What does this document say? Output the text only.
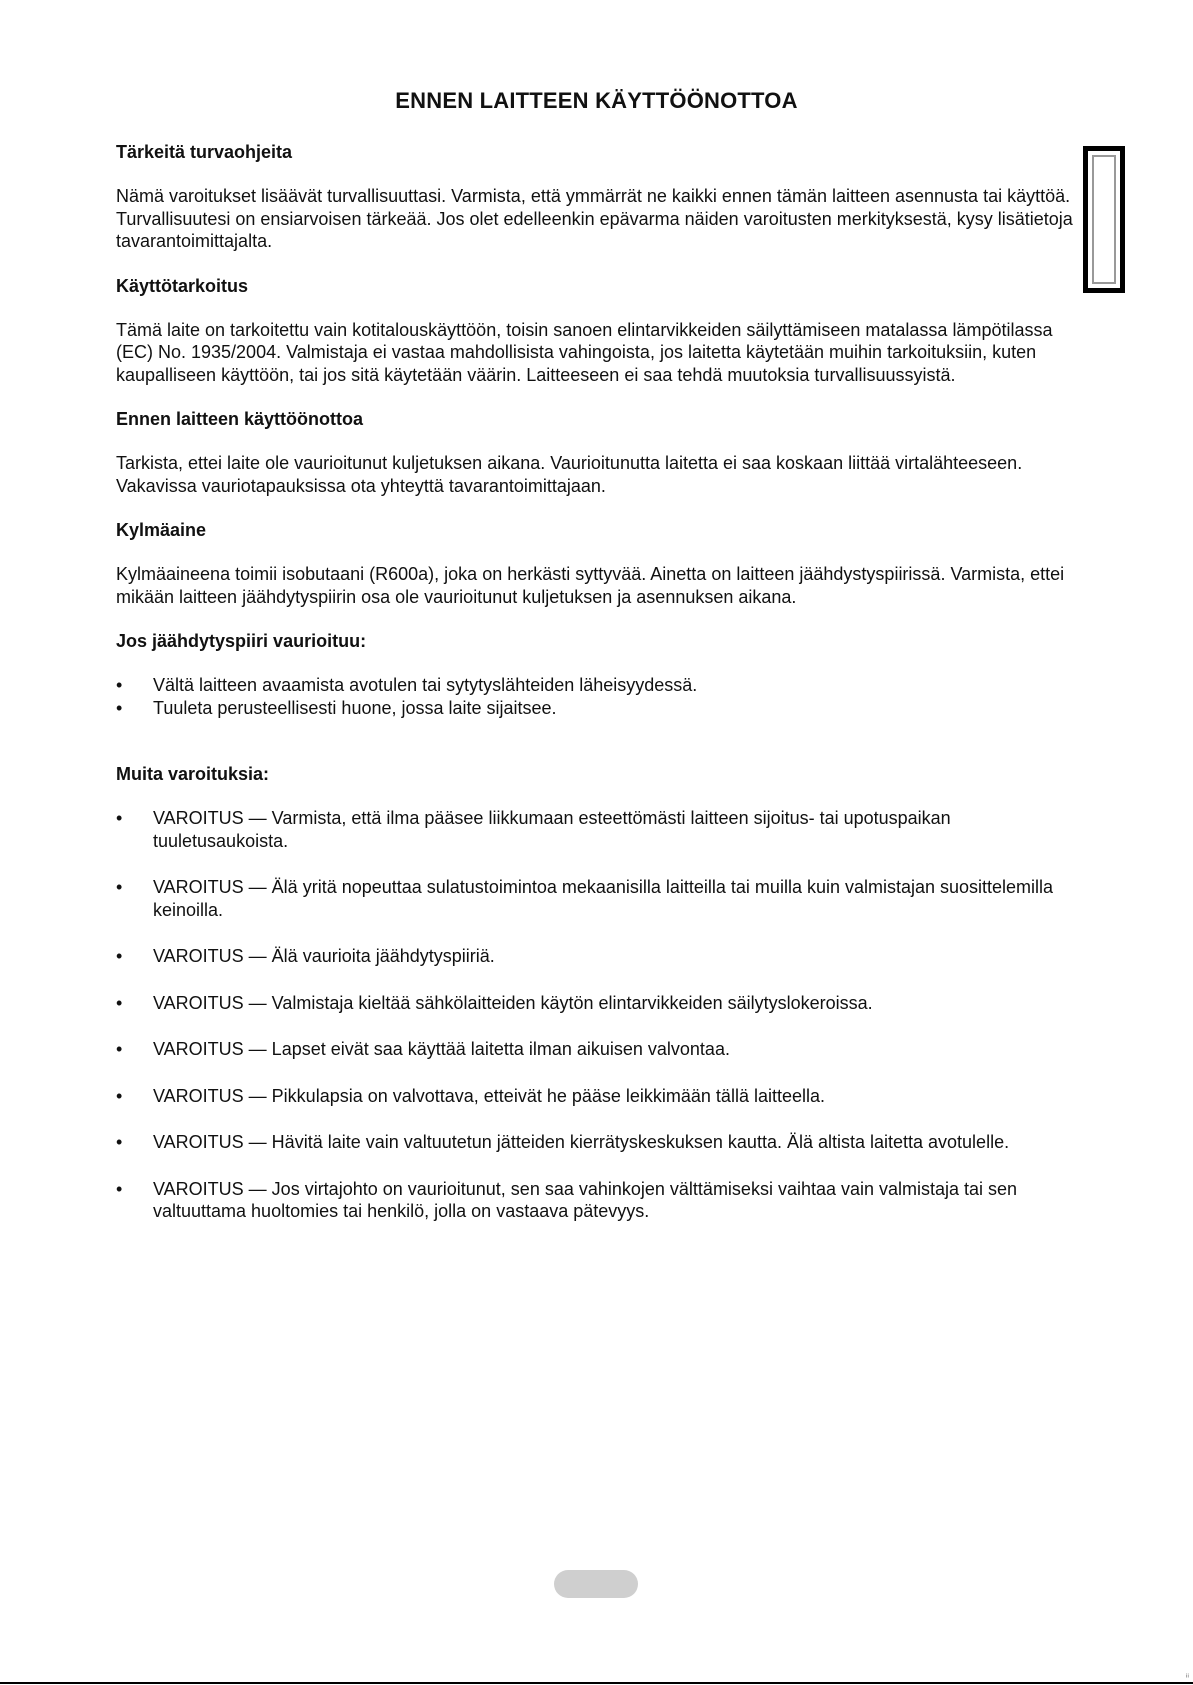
ENNEN LAITTEEN KÄYTTÖÖNOTTOA

Tärkeitä turvaohjeita

Nämä varoitukset lisäävät turvallisuuttasi. Varmista, että ymmärrät ne kaikki ennen tämän laitteen asennusta tai käyttöä. Turvallisuutesi on ensiarvoisen tärkeää. Jos olet edelleenkin epävarma näiden varoitusten merkityksestä, kysy lisätietoja tavarantoimittajalta.

Käyttötarkoitus

Tämä laite on tarkoitettu vain kotitalouskäyttöön, toisin sanoen elintarvikkeiden säilyttämiseen matalassa lämpötilassa (EC) No. 1935/2004. Valmistaja ei vastaa mahdollisista vahingoista, jos laitetta käytetään muihin tarkoituksiin, kuten kaupalliseen käyttöön, tai jos sitä käytetään väärin. Laitteeseen ei saa tehdä muutoksia turvallisuussyistä.

Ennen laitteen käyttöönottoa

Tarkista, ettei laite ole vaurioitunut kuljetuksen aikana. Vaurioitunutta laitetta ei saa koskaan liittää virtalähteeseen. Vakavissa vauriotapauksissa ota yhteyttä tavarantoimittajaan.

Kylmäaine

Kylmäaineena toimii isobutaani (R600a), joka on herkästi syttyvää. Ainetta on laitteen jäähdystyspiirissä. Varmista, ettei mikään laitteen jäähdytyspiirin osa ole vaurioitunut kuljetuksen ja asennuksen aikana.

Jos jäähdytyspiiri vaurioituu:

•	Vältä laitteen avaamista avotulen tai sytytyslähteiden läheisyydessä.
•	Tuuleta perusteellisesti huone, jossa laite sijaitsee.

Muita varoituksia:

•	VAROITUS — Varmista, että ilma pääsee liikkumaan esteettömästi laitteen sijoitus- tai upotuspaikan tuuletusaukoista.
•	VAROITUS — Älä yritä nopeuttaa sulatustoimintoa mekaanisilla laitteilla tai muilla kuin valmistajan suosittelemilla keinoilla.
•	VAROITUS — Älä vaurioita jäähdytyspiiriä.
•	VAROITUS — Valmistaja kieltää sähkölaitteiden käytön elintarvikkeiden säilytyslokeroissa.
•	VAROITUS — Lapset eivät saa käyttää laitetta ilman aikuisen valvontaa.
•	VAROITUS — Pikkulapsia on valvottava, etteivät he pääse leikkimään tällä laitteella.
•	VAROITUS — Hävitä laite vain valtuutetun jätteiden kierrätyskeskuksen kautta. Älä altista laitetta avotulelle.
•	VAROITUS — Jos virtajohto on vaurioitunut, sen saa vahinkojen välttämiseksi vaihtaa vain valmistaja tai sen valtuuttama huoltomies tai henkilö, jolla on vastaava pätevyys.
ⁱⁱ
